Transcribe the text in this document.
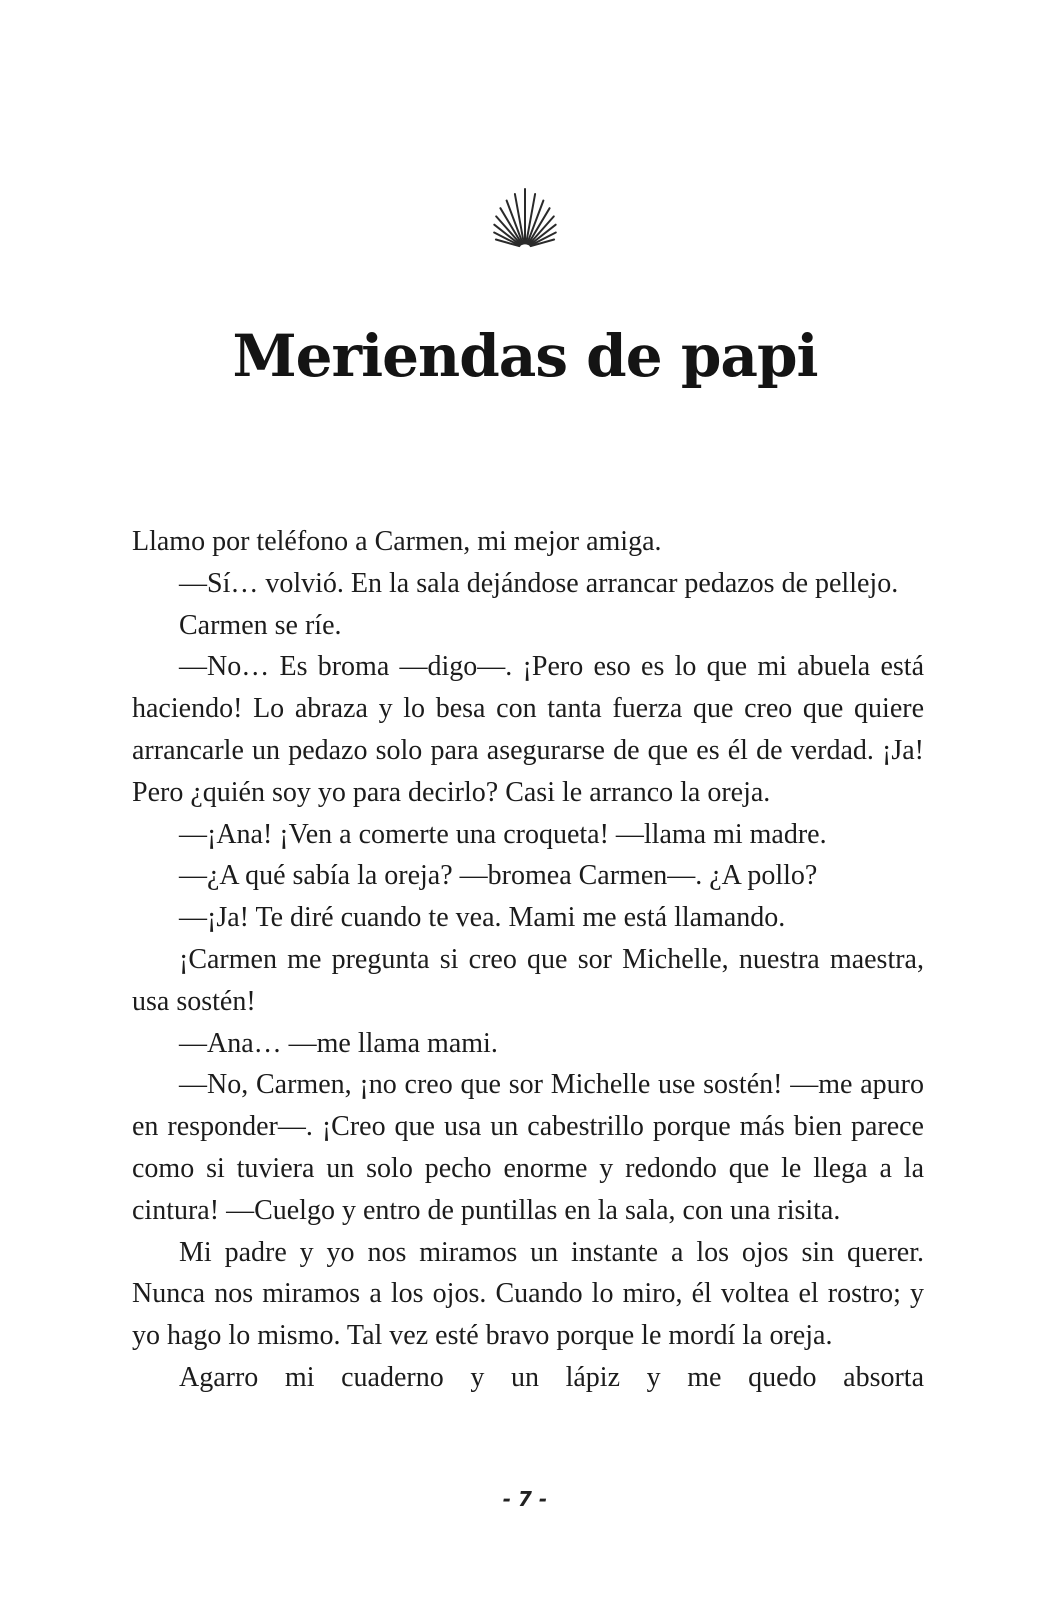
Meriendas de papi

Llamo por teléfono a Carmen, mi mejor amiga.

—Sí… volvió. En la sala dejándose arrancar pedazos de pellejo.

Carmen se ríe.

—No… Es broma —digo—. ¡Pero eso es lo que mi abuela está haciendo! Lo abraza y lo besa con tanta fuerza que creo que quiere arrancarle un pedazo solo para asegurarse de que es él de verdad. ¡Ja! Pero ¿quién soy yo para decirlo? Casi le arranco la oreja.

—¡Ana! ¡Ven a comerte una croqueta! —llama mi madre.

—¿A qué sabía la oreja? —bromea Carmen—. ¿A pollo?

—¡Ja! Te diré cuando te vea. Mami me está llamando.

¡Carmen me pregunta si creo que sor Michelle, nuestra maestra, usa sostén!

—Ana… —me llama mami.

—No, Carmen, ¡no creo que sor Michelle use sostén! —me apuro en responder—. ¡Creo que usa un cabestrillo porque más bien parece como si tuviera un solo pecho enorme y redondo que le llega a la cintura! —Cuelgo y entro de puntillas en la sala, con una risita.

Mi padre y yo nos miramos un instante a los ojos sin querer. Nunca nos miramos a los ojos. Cuando lo miro, él voltea el rostro; y yo hago lo mismo. Tal vez esté bravo porque le mordí la oreja.

Agarro mi cuaderno y un lápiz y me quedo absorta

- 7 -
